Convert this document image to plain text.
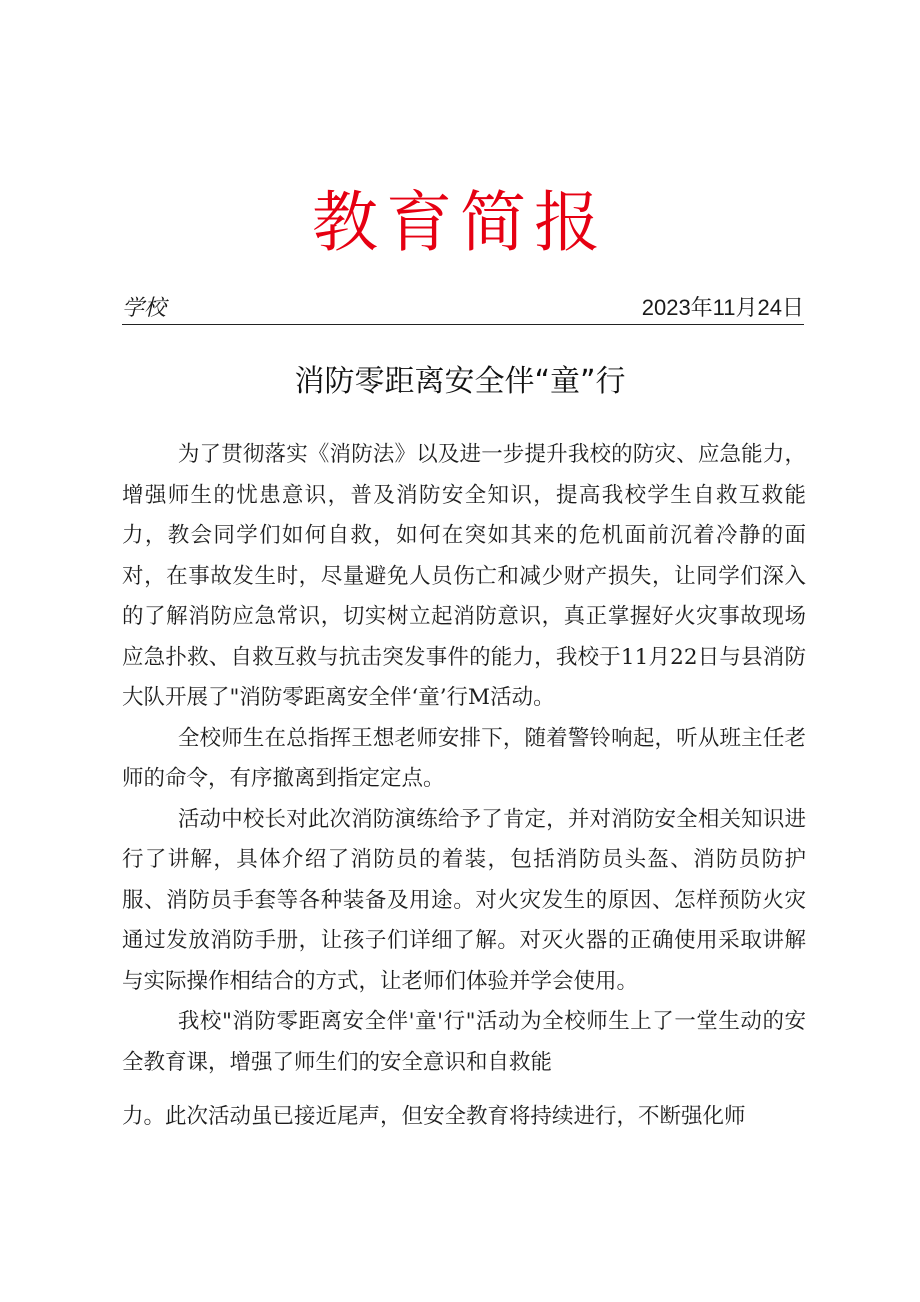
教育简报
学校	2023年11月24日
消防零距离安全伴“童”行

为了贯彻落实《消防法》以及进一步提升我校的防灾、应急能力，增强师生的忧患意识，普及消防安全知识，提高我校学生自救互救能力，教会同学们如何自救，如何在突如其来的危机面前沉着冷静的面对，在事故发生时，尽量避免人员伤亡和减少财产损失，让同学们深入的了解消防应急常识，切实树立起消防意识，真正掌握好火灾事故现场应急扑救、自救互救与抗击突发事件的能力，我校于11月22日与县消防大队开展了"消防零距离安全伴‘童’行M活动。

全校师生在总指挥王想老师安排下，随着警铃响起，听从班主任老师的命令，有序撤离到指定定点。

活动中校长对此次消防演练给予了肯定，并对消防安全相关知识进行了讲解，具体介绍了消防员的着装，包括消防员头盔、消防员防护服、消防员手套等各种装备及用途。对火灾发生的原因、怎样预防火灾通过发放消防手册，让孩子们详细了解。对灭火器的正确使用采取讲解与实际操作相结合的方式，让老师们体验并学会使用。

我校"消防零距离安全伴'童'行"活动为全校师生上了一堂生动的安全教育课，增强了师生们的安全意识和自救能

力。此次活动虽已接近尾声，但安全教育将持续进行，不断强化师
